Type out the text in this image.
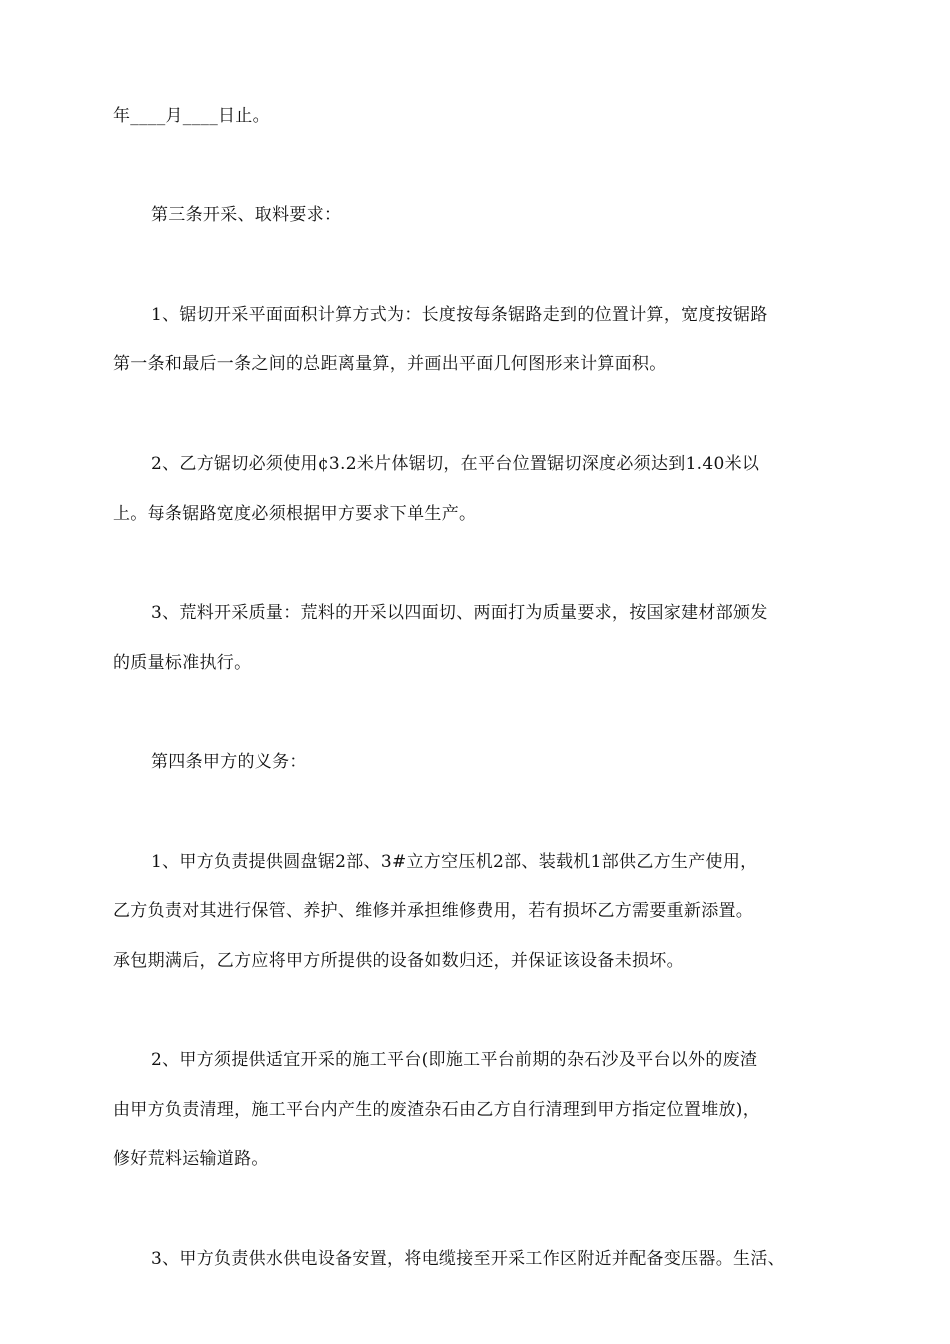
年____月____日止。
第三条开采、取料要求：
1、锯切开采平面面积计算方式为：长度按每条锯路走到的位置计算，宽度按锯路
第一条和最后一条之间的总距离量算，并画出平面几何图形来计算面积。
2、乙方锯切必须使用¢3.2米片体锯切，在平台位置锯切深度必须达到1.40米以
上。每条锯路宽度必须根据甲方要求下单生产。
3、荒料开采质量：荒料的开采以四面切、两面打为质量要求，按国家建材部颁发
的质量标准执行。
第四条甲方的义务：
1、甲方负责提供圆盘锯2部、3#立方空压机2部、装载机1部供乙方生产使用，
乙方负责对其进行保管、养护、维修并承担维修费用，若有损坏乙方需要重新添置。
承包期满后，乙方应将甲方所提供的设备如数归还，并保证该设备未损坏。
2、甲方须提供适宜开采的施工平台(即施工平台前期的杂石沙及平台以外的废渣
由甲方负责清理，施工平台内产生的废渣杂石由乙方自行清理到甲方指定位置堆放)，
修好荒料运输道路。
3、甲方负责供水供电设备安置，将电缆接至开采工作区附近并配备变压器。生活、
